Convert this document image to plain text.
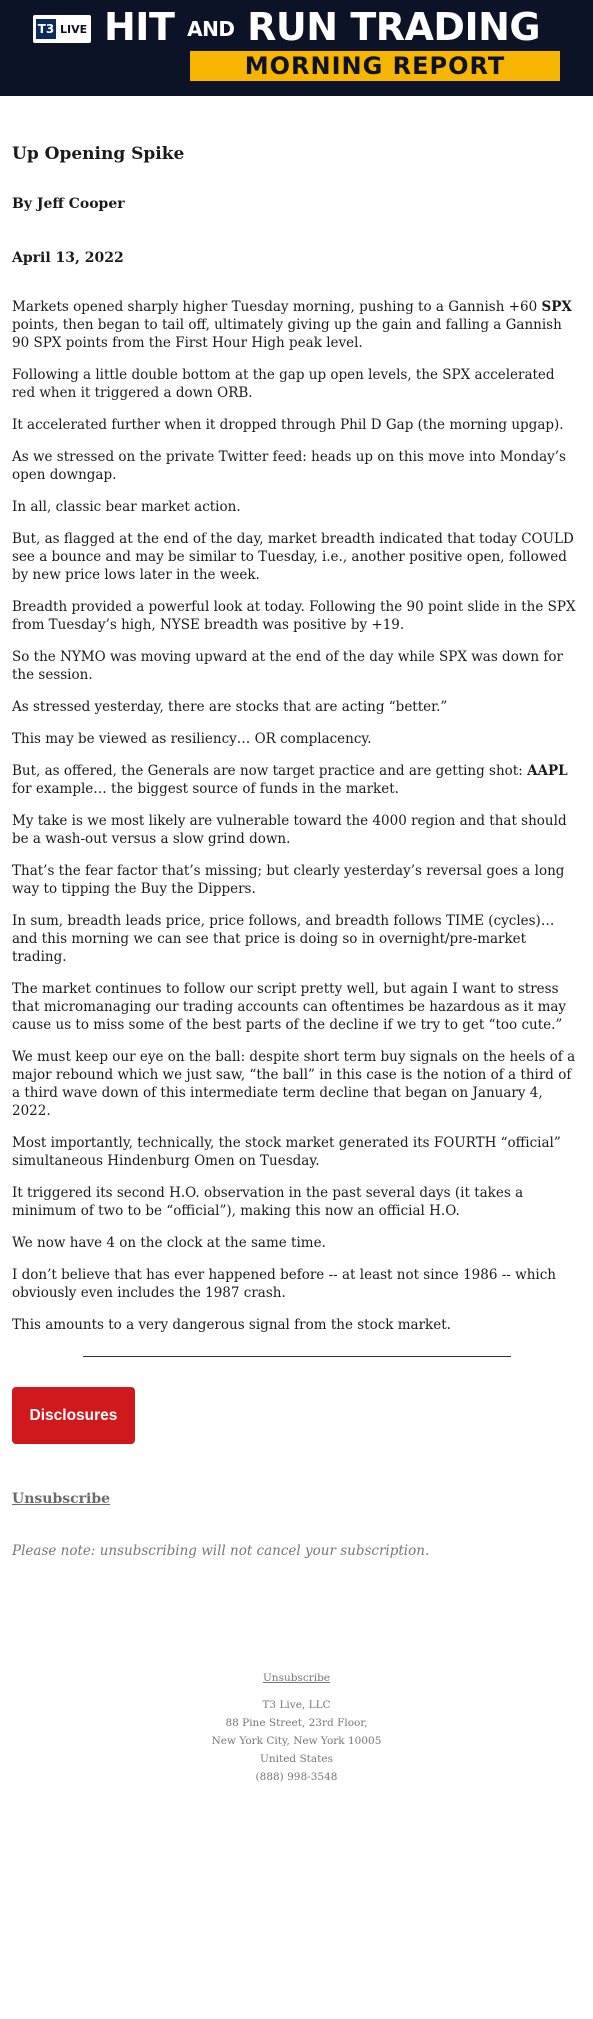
T3 LIVE HIT AND RUN TRADING
MORNING REPORT
Up Opening Spike
By Jeff Cooper
April 13, 2022

Markets opened sharply higher Tuesday morning, pushing to a Gannish +60 SPX points, then began to tail off, ultimately giving up the gain and falling a Gannish 90 SPX points from the First Hour High peak level.

Following a little double bottom at the gap up open levels, the SPX accelerated red when it triggered a down ORB.

It accelerated further when it dropped through Phil D Gap (the morning upgap).

As we stressed on the private Twitter feed: heads up on this move into Monday’s open downgap.

In all, classic bear market action.

But, as flagged at the end of the day, market breadth indicated that today COULD see a bounce and may be similar to Tuesday, i.e., another positive open, followed by new price lows later in the week.

Breadth provided a powerful look at today. Following the 90 point slide in the SPX from Tuesday’s high, NYSE breadth was positive by +19.

So the NYMO was moving upward at the end of the day while SPX was down for the session.

As stressed yesterday, there are stocks that are acting “better.”

This may be viewed as resiliency… OR complacency.

But, as offered, the Generals are now target practice and are getting shot: AAPL for example… the biggest source of funds in the market.

My take is we most likely are vulnerable toward the 4000 region and that should be a wash-out versus a slow grind down.

That’s the fear factor that’s missing; but clearly yesterday’s reversal goes a long way to tipping the Buy the Dippers.

In sum, breadth leads price, price follows, and breadth follows TIME (cycles)… and this morning we can see that price is doing so in overnight/pre-market trading.

The market continues to follow our script pretty well, but again I want to stress that micromanaging our trading accounts can oftentimes be hazardous as it may cause us to miss some of the best parts of the decline if we try to get “too cute.”

We must keep our eye on the ball: despite short term buy signals on the heels of a major rebound which we just saw, “the ball” in this case is the notion of a third of a third wave down of this intermediate term decline that began on January 4, 2022.

Most importantly, technically, the stock market generated its FOURTH “official” simultaneous Hindenburg Omen on Tuesday.

It triggered its second H.O. observation in the past several days (it takes a minimum of two to be “official”), making this now an official H.O.

We now have 4 on the clock at the same time.

I don’t believe that has ever happened before -- at least not since 1986 -- which obviously even includes the 1987 crash.

This amounts to a very dangerous signal from the stock market.

Disclosures
Unsubscribe
Please note: unsubscribing will not cancel your subscription.
Unsubscribe
T3 Live, LLC
88 Pine Street, 23rd Floor,
New York City, New York 10005
United States
(888) 998-3548
